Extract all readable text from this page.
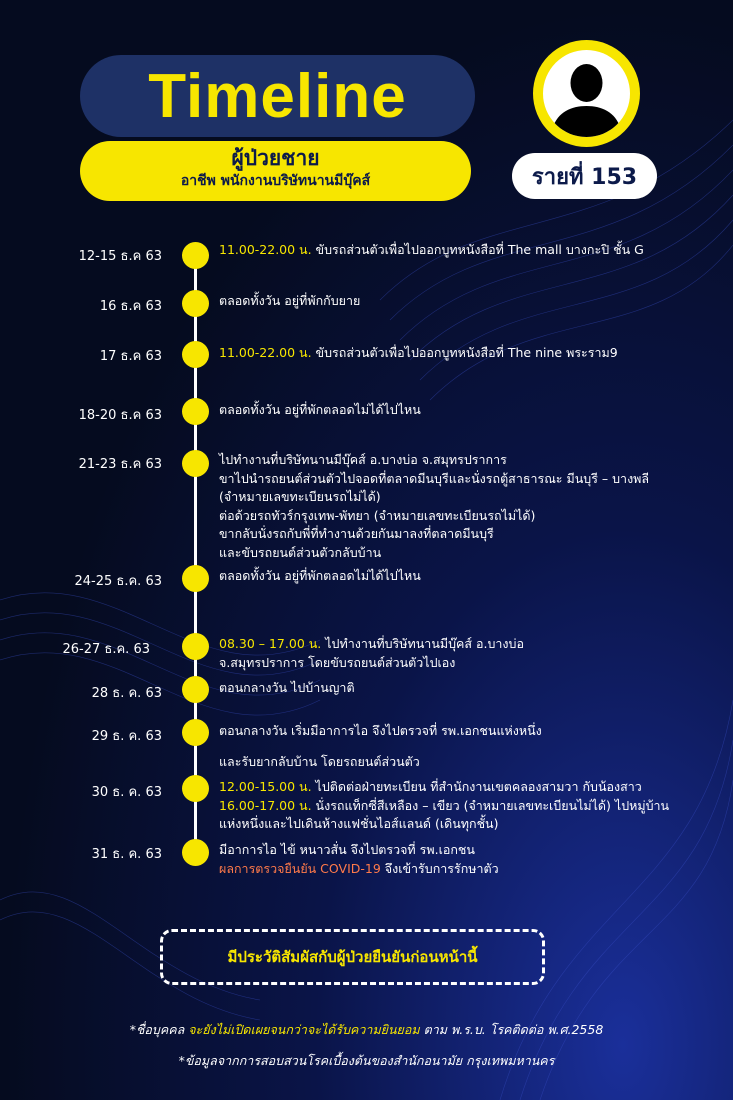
Timeline
ผู้ป่วยชาย
อาชีพ พนักงานบริษัทนานมีบุ๊คส์	รายที่ 153
12-15 ธ.ค 63	11.00-22.00 น. ขับรถส่วนตัวเพื่อไปออกบูทหนังสือที่ The mall บางกะปิ ชั้น G
16 ธ.ค 63	ตลอดทั้งวัน อยู่ที่พักกับยาย
17 ธ.ค 63	11.00-22.00 น. ขับรถส่วนตัวเพื่อไปออกบูทหนังสือที่ The nine พระราม9
18-20 ธ.ค 63	ตลอดทั้งวัน อยู่ที่พักตลอดไม่ได้ไปไหน
21-23 ธ.ค 63	ไปทำงานที่บริษัทนานมีบุ๊คส์ อ.บางบ่อ จ.สมุทรปราการ
ขาไปนำรถยนต์ส่วนตัวไปจอดที่ตลาดมีนบุรีและนั่งรถตู้สาธารณะ มีนบุรี – บางพลี
(จำหมายเลขทะเบียนรถไม่ได้)
ต่อด้วยรถทัวร์กรุงเทพ-พัทยา (จำหมายเลขทะเบียนรถไม่ได้)
ขากลับนั่งรถกับพี่ที่ทำงานด้วยกันมาลงที่ตลาดมีนบุรี
และขับรถยนต์ส่วนตัวกลับบ้าน
24-25 ธ.ค. 63	ตลอดทั้งวัน อยู่ที่พักตลอดไม่ได้ไปไหน
26-27 ธ.ค. 63	08.30 – 17.00 น. ไปทำงานที่บริษัทนานมีบุ๊คส์ อ.บางบ่อ
จ.สมุทรปราการ โดยขับรถยนต์ส่วนตัวไปเอง
28 ธ. ค. 63	ตอนกลางวัน ไปบ้านญาติ
29 ธ. ค. 63	ตอนกลางวัน เริ่มมีอาการไอ จึงไปตรวจที่ รพ.เอกชนแห่งหนึ่ง
และรับยากลับบ้าน โดยรถยนต์ส่วนตัว
30 ธ. ค. 63	12.00-15.00 น. ไปติดต่อฝ่ายทะเบียน ที่สำนักงานเขตคลองสามวา กับน้องสาว
16.00-17.00 น. นั่งรถแท็กซี่สีเหลือง – เขียว (จำหมายเลขทะเบียนไม่ได้) ไปหมู่บ้าน
แห่งหนึ่งและไปเดินห้างแฟชั่นไอส์แลนด์ (เดินทุกชั้น)
31 ธ. ค. 63	มีอาการไอ ไข้ หนาวสั่น จึงไปตรวจที่ รพ.เอกชน
ผลการตรวจยืนยัน COVID-19 จึงเข้ารับการรักษาตัว
มีประวัติสัมผัสกับผู้ป่วยยืนยันก่อนหน้านี้
*ชื่อบุคคล จะยังไม่เปิดเผยจนกว่าจะได้รับความยินยอม ตาม พ.ร.บ. โรคติดต่อ พ.ศ.2558
*ข้อมูลจากการสอบสวนโรคเบื้องต้นของสำนักอนามัย กรุงเทพมหานคร
